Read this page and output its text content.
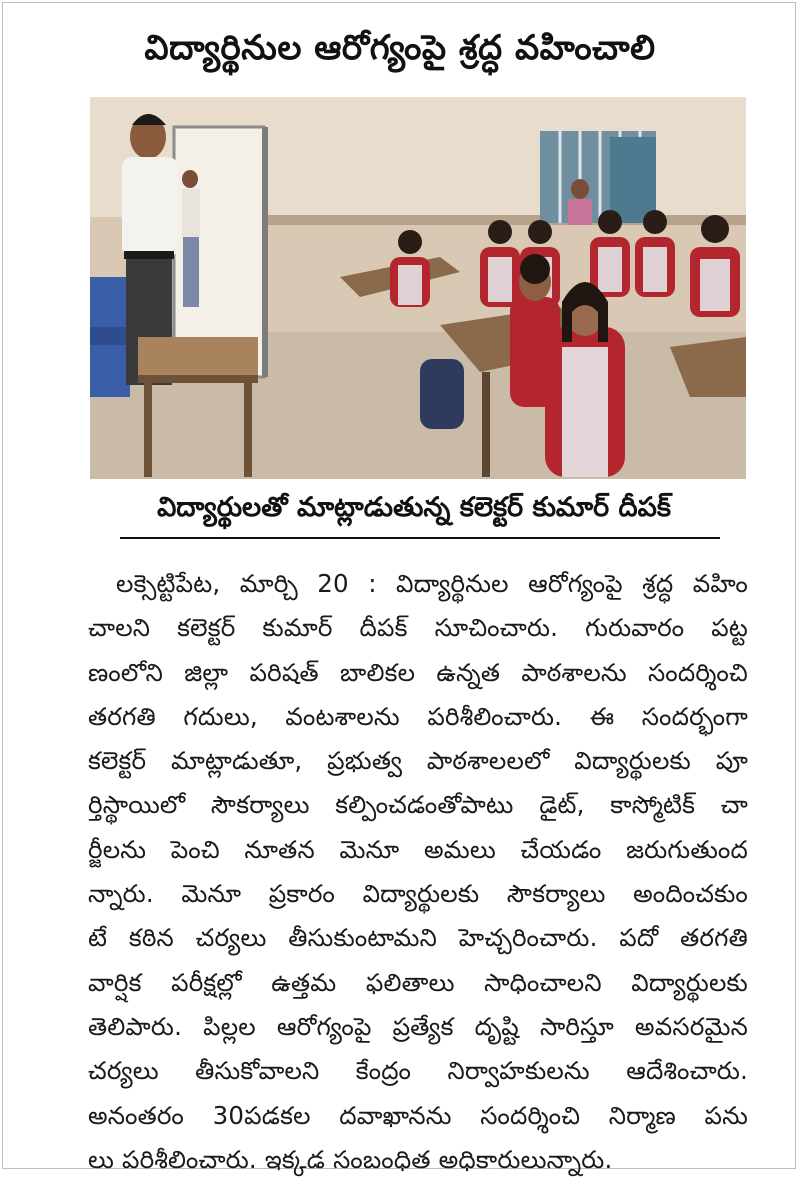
విద్యార్థినుల ఆరోగ్యంపై శ్రద్ధ వహించాలి
విద్యార్థులతో మాట్లాడుతున్న కలెక్టర్ కుమార్ దీపక్
లక్సెట్టిపేట, మార్చి 20 : విద్యార్థినుల ఆరోగ్యంపై శ్రద్ధ వహిం
చాలని కలెక్టర్ కుమార్ దీపక్ సూచించారు. గురువారం పట్ట
ణంలోని జిల్లా పరిషత్ బాలికల ఉన్నత పాఠశాలను సందర్శించి
తరగతి గదులు, వంటశాలను పరిశీలించారు. ఈ సందర్భంగా
కలెక్టర్ మాట్లాడుతూ, ప్రభుత్వ పాఠశాలలలో విద్యార్థులకు పూ
ర్తిస్థాయిలో సౌకర్యాలు కల్పించడంతోపాటు డైట్, కాస్మోటిక్ చా
ర్జీలను పెంచి నూతన మెనూ అమలు చేయడం జరుగుతుంద
న్నారు. మెనూ ప్రకారం విద్యార్థులకు సౌకర్యాలు అందించకుం
టే కఠిన చర్యలు తీసుకుంటామని హెచ్చరించారు. పదో తరగతి
వార్షిక పరీక్షల్లో ఉత్తమ ఫలితాలు సాధించాలని విద్యార్థులకు
తెలిపారు. పిల్లల ఆరోగ్యంపై ప్రత్యేక దృష్టి సారిస్తూ అవసరమైన
చర్యలు తీసుకోవాలని కేంద్రం నిర్వాహకులను ఆదేశించారు.
అనంతరం 30పడకల దవాఖానను సందర్శించి నిర్మాణ పను
లు పరిశీలించారు. ఇక్కడ సంబంధిత అధికారులున్నారు.
